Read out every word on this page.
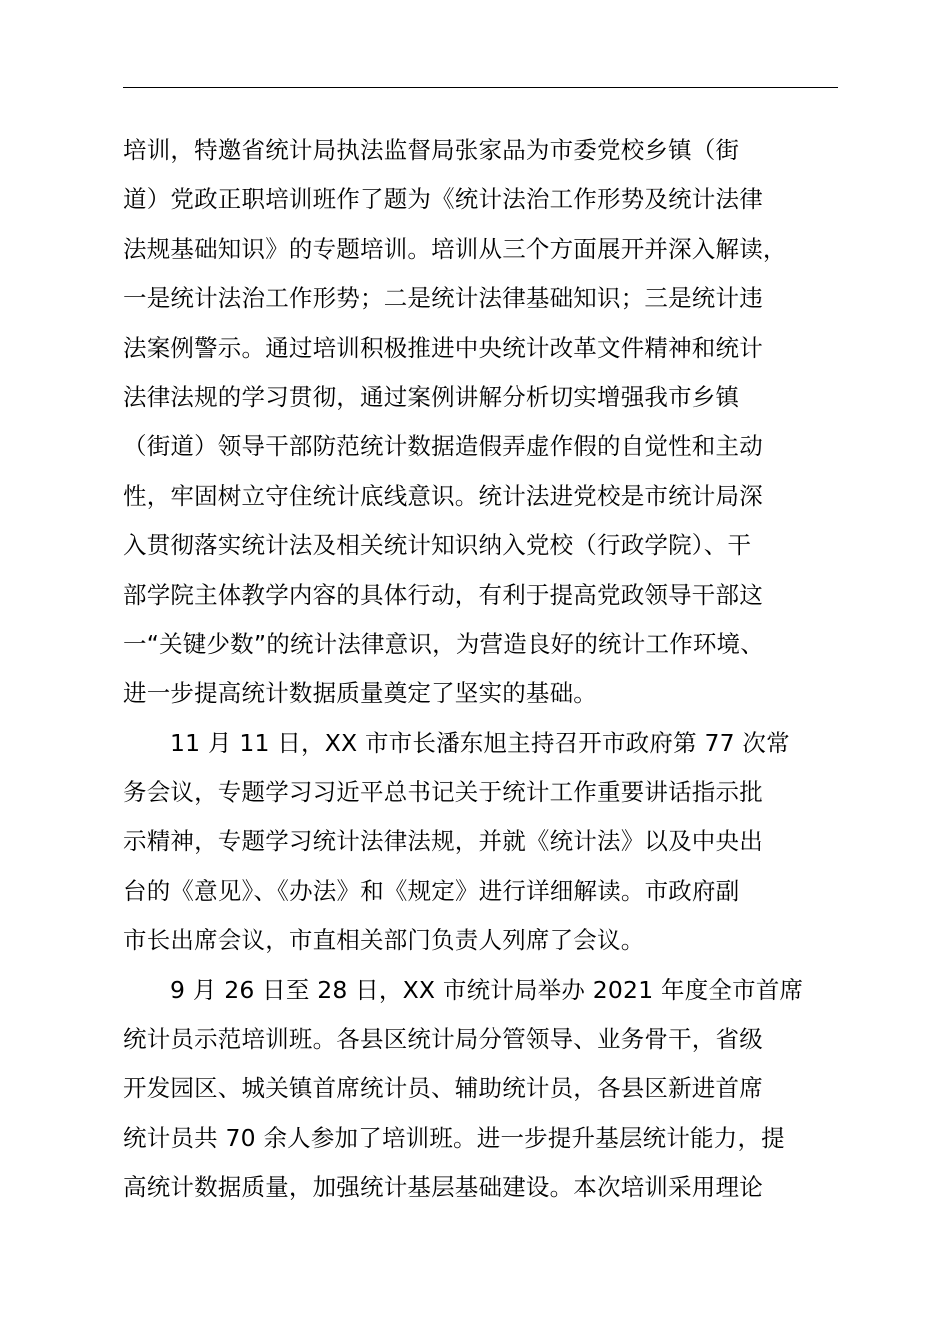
培训，特邀省统计局执法监督局张家品为市委党校乡镇（街
道）党政正职培训班作了题为《统计法治工作形势及统计法律
法规基础知识》的专题培训。培训从三个方面展开并深入解读，
一是统计法治工作形势；二是统计法律基础知识；三是统计违
法案例警示。通过培训积极推进中央统计改革文件精神和统计
法律法规的学习贯彻，通过案例讲解分析切实增强我市乡镇
（街道）领导干部防范统计数据造假弄虚作假的自觉性和主动
性，牢固树立守住统计底线意识。统计法进党校是市统计局深
入贯彻落实统计法及相关统计知识纳入党校（行政学院）、干
部学院主体教学内容的具体行动，有利于提高党政领导干部这
一“关键少数”的统计法律意识，为营造良好的统计工作环境、
进一步提高统计数据质量奠定了坚实的基础。
11 月 11 日，XX 市市长潘东旭主持召开市政府第 77 次常
务会议，专题学习习近平总书记关于统计工作重要讲话指示批
示精神，专题学习统计法律法规，并就《统计法》以及中央出
台的《意见》、《办法》和《规定》进行详细解读。市政府副
市长出席会议，市直相关部门负责人列席了会议。
9 月 26 日至 28 日，XX 市统计局举办 2021 年度全市首席
统计员示范培训班。各县区统计局分管领导、业务骨干，省级
开发园区、城关镇首席统计员、辅助统计员，各县区新进首席
统计员共 70 余人参加了培训班。进一步提升基层统计能力，提
高统计数据质量，加强统计基层基础建设。本次培训采用理论
